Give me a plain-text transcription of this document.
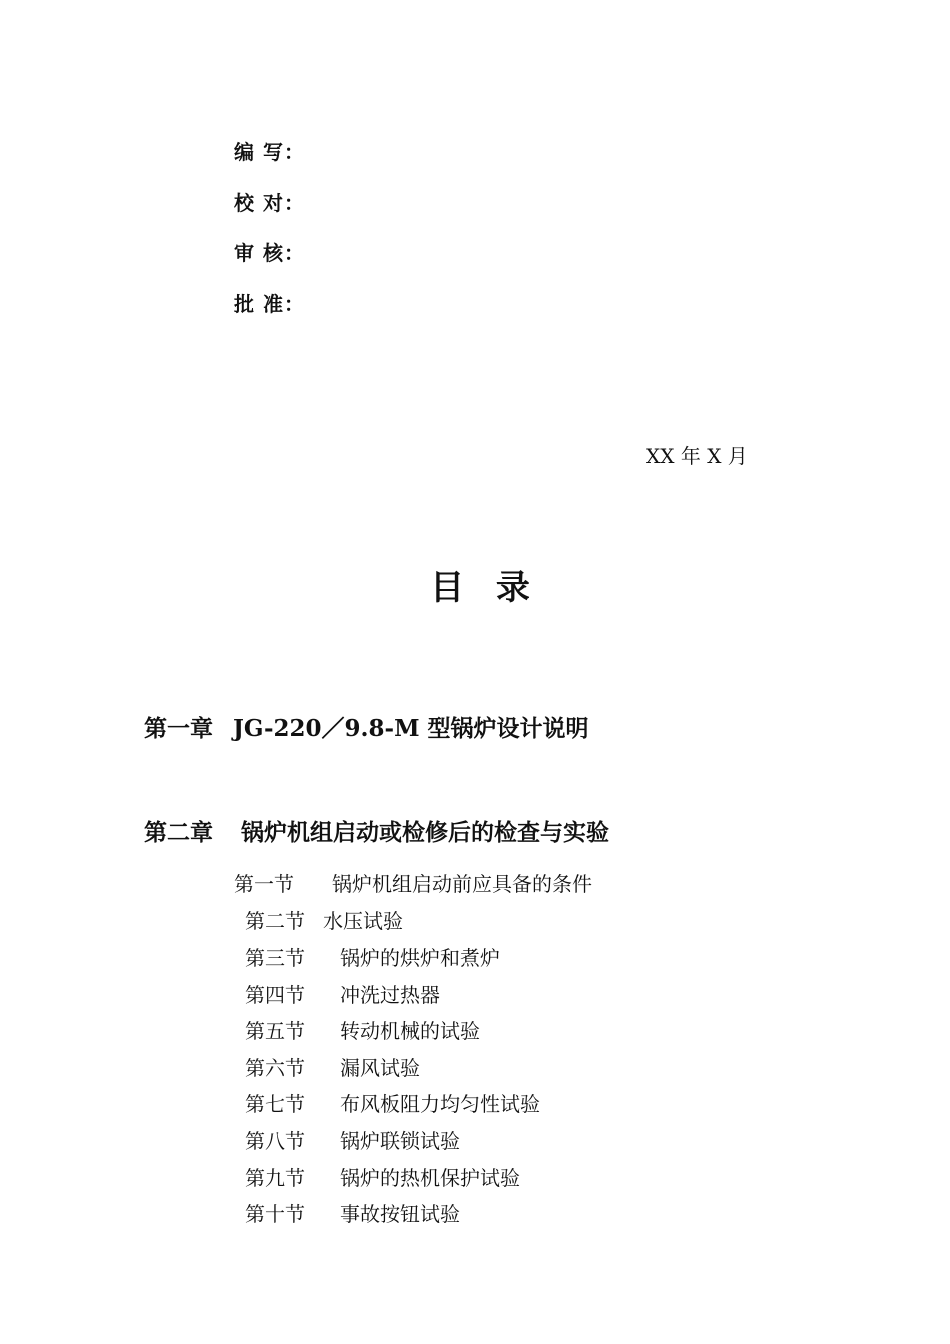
编 写：
校 对：
审 核：
批 准：
XX 年 X 月
目 录
第一章 JG-220／9.8-M 型锅炉设计说明
第二章 锅炉机组启动或检修后的检查与实验
第一节 锅炉机组启动前应具备的条件
第二节 水压试验
第三节 锅炉的烘炉和煮炉
第四节 冲洗过热器
第五节 转动机械的试验
第六节 漏风试验
第七节 布风板阻力均匀性试验
第八节 锅炉联锁试验
第九节 锅炉的热机保护试验
第十节 事故按钮试验
